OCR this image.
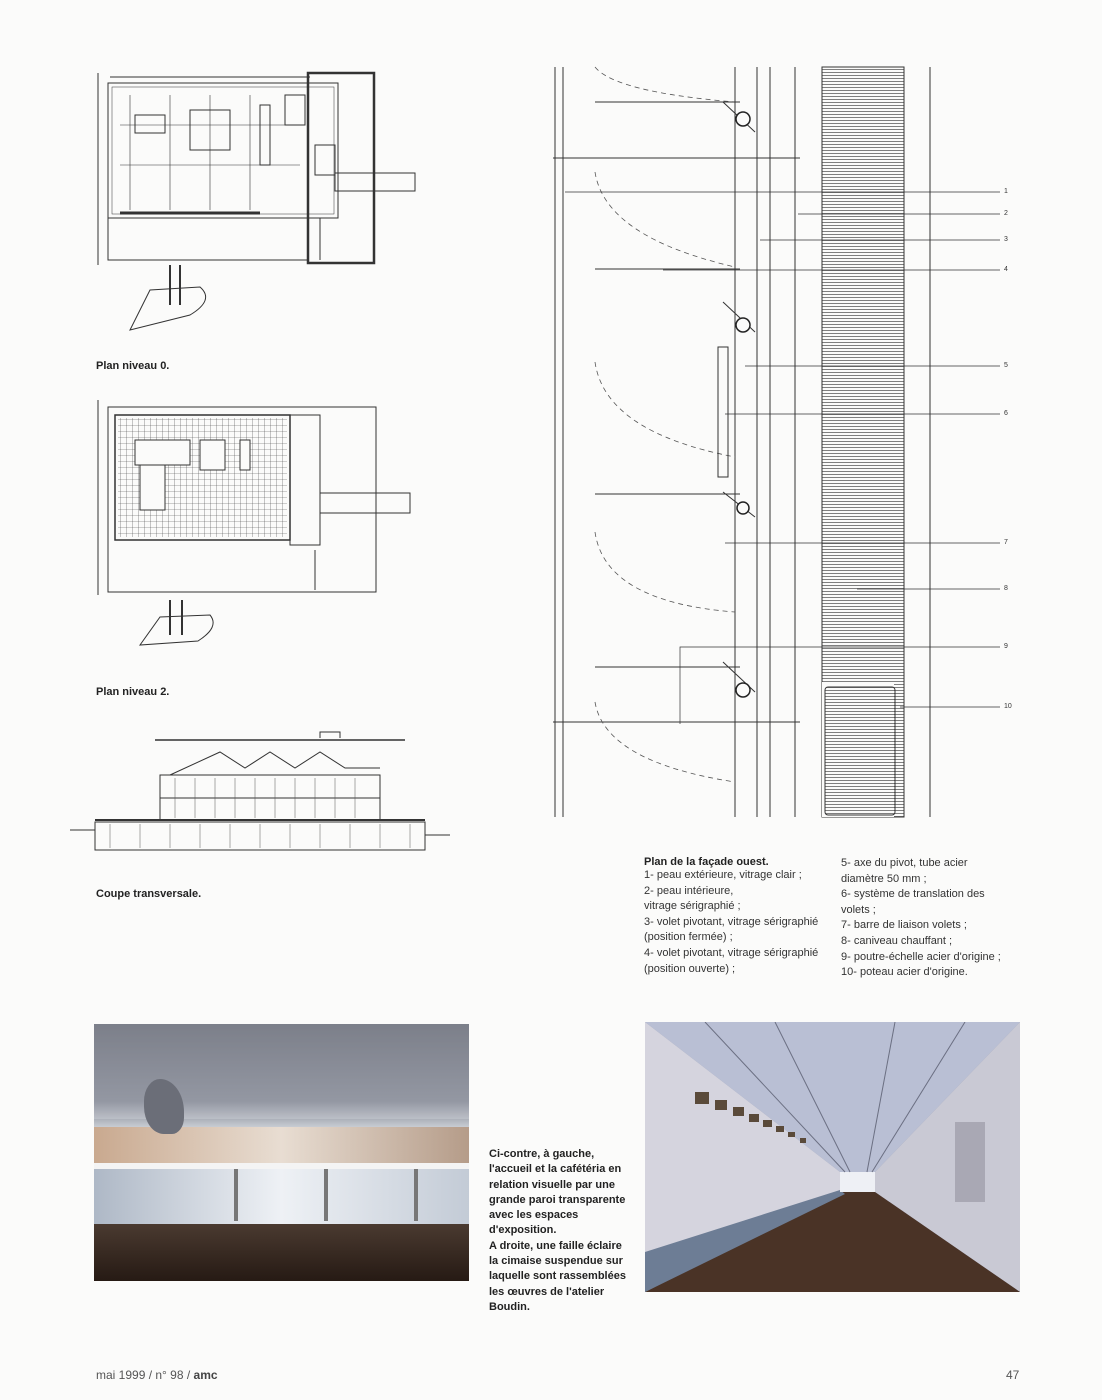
Plan niveau 0.
Plan niveau 2.
Coupe transversale.
1
2
3
4
5
6
7
8
9
10
Plan de la façade ouest.
1- peau extérieure, vitrage clair ;
2- peau intérieure,
vitrage sérigraphié ;
3- volet pivotant, vitrage sérigraphié
(position fermée) ;
4- volet pivotant, vitrage sérigraphié
(position ouverte) ;
5- axe du pivot, tube acier
diamètre 50 mm ;
6- système de translation des
volets ;
7- barre de liaison volets ;
8- caniveau chauffant ;
9- poutre-échelle acier d'origine ;
10- poteau acier d'origine.
Ci-contre, à gauche,
l'accueil et la cafétéria en
relation visuelle par une
grande paroi transparente
avec les espaces
d'exposition.
A droite, une faille éclaire
la cimaise suspendue sur
laquelle sont rassemblées
les œuvres de l'atelier
Boudin.
mai 1999 / n° 98 / amc	47
